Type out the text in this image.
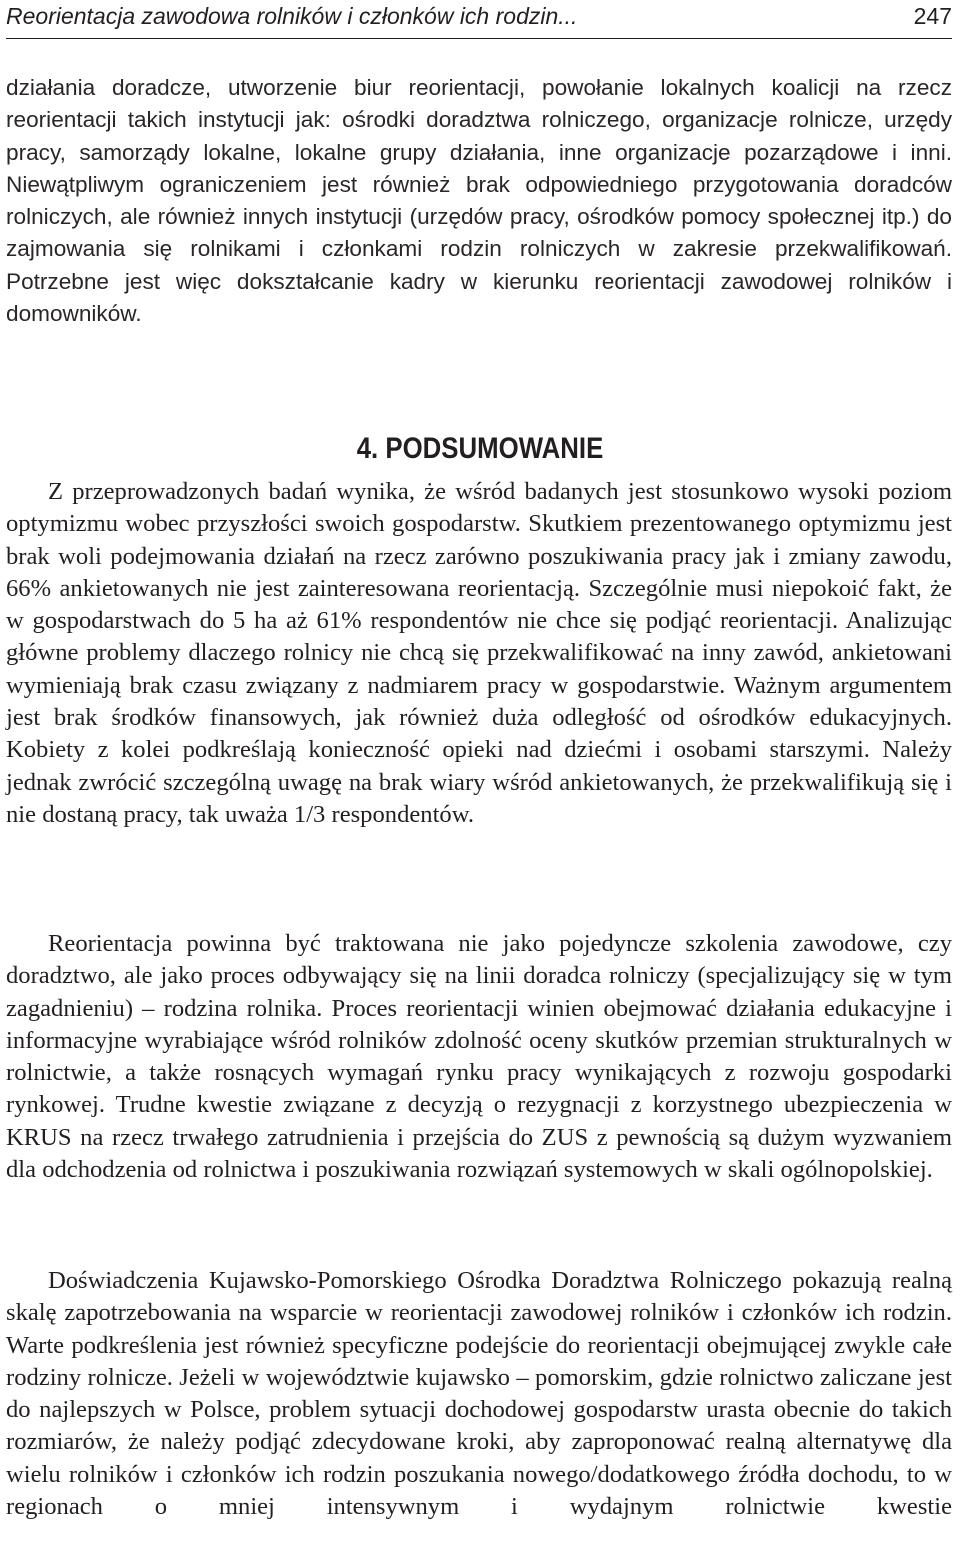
Reorientacja zawodowa rolników i członków ich rodzin...	247

działania doradcze, utworzenie biur reorientacji, powołanie lokalnych koalicji na rzecz reorientacji takich instytucji jak: ośrodki doradztwa rolniczego, organizacje rolnicze, urzędy pracy, samorządy lokalne, lokalne grupy działania, inne organizacje pozarządowe i inni. Niewątpliwym ograniczeniem jest również brak odpowiedniego przygotowania doradców rolniczych, ale również innych instytucji (urzędów pracy, ośrodków pomocy społecznej itp.) do zajmowania się rolnikami i członkami rodzin rolniczych w zakresie przekwalifikowań. Potrzebne jest więc dokształcanie kadry w kierunku reorientacji zawodowej rolników i domowników.

4. PODSUMOWANIE

Z przeprowadzonych badań wynika, że wśród badanych jest stosunkowo wysoki poziom optymizmu wobec przyszłości swoich gospodarstw. Skutkiem prezentowanego optymizmu jest brak woli podejmowania działań na rzecz zarówno poszukiwania pracy jak i zmiany zawodu, 66% ankietowanych nie jest zainteresowana reorientacją. Szczególnie musi niepokoić fakt, że w gospodarstwach do 5 ha aż 61% respondentów nie chce się podjąć reorientacji. Analizując główne problemy dlaczego rolnicy nie chcą się przekwalifikować na inny zawód, ankietowani wymieniają brak czasu związany z nadmiarem pracy w gospodarstwie. Ważnym argumentem jest brak środków finansowych, jak również duża odległość od ośrodków edukacyjnych. Kobiety z kolei podkreślają konieczność opieki nad dziećmi i osobami starszymi. Należy jednak zwrócić szczególną uwagę na brak wiary wśród ankietowanych, że przekwalifikują się i nie dostaną pracy, tak uważa 1/3 respondentów.

Reorientacja powinna być traktowana nie jako pojedyncze szkolenia zawodowe, czy doradztwo, ale jako proces odbywający się na linii doradca rolniczy (specjalizujący się w tym zagadnieniu) – rodzina rolnika. Proces reorientacji winien obejmować działania edukacyjne i informacyjne wyrabiające wśród rolników zdolność oceny skutków przemian strukturalnych w rolnictwie, a także rosnących wymagań rynku pracy wynikających z rozwoju gospodarki rynkowej. Trudne kwestie związane z decyzją o rezygnacji z korzystnego ubezpieczenia w KRUS na rzecz trwałego zatrudnienia i przejścia do ZUS z pewnością są dużym wyzwaniem dla odchodzenia od rolnictwa i poszukiwania rozwiązań systemowych w skali ogólnopolskiej.

Doświadczenia Kujawsko-Pomorskiego Ośrodka Doradztwa Rolniczego pokazują realną skalę zapotrzebowania na wsparcie w reorientacji zawodowej rolników i członków ich rodzin. Warte podkreślenia jest również specyficzne podejście do reorientacji obejmującej zwykle całe rodziny rolnicze. Jeżeli w województwie kujawsko – pomorskim, gdzie rolnictwo zaliczane jest do najlepszych w Polsce, problem sytuacji dochodowej gospodarstw urasta obecnie do takich rozmiarów, że należy podjąć zdecydowane kroki, aby zaproponować realną alternatywę dla wielu rolników i członków ich rodzin poszukania nowego/dodatkowego źródła dochodu, to w regionach o mniej intensywnym i wydajnym rolnictwie kwestie
